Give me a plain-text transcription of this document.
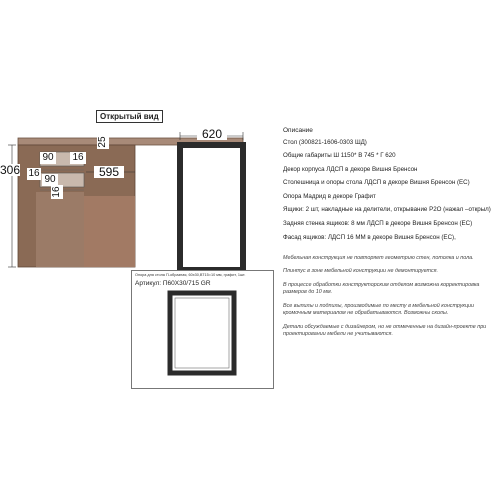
Открытый вид
306
620
25
90 16
595
16
90
16
Описание
Стол (300821-1606-0303 ШД)
Общие габариты Ш 1150* В 745 * Г 620
Декор корпуса ЛДСП в декоре Вишня Бренсон
Столешница и опоры стола ЛДСП в декоре Вишня Бренсон (ЕС)
Опора Мадрид в декоре Графит
Ящики: 2 шт, накладные на делители, открывание Р2О (нажал –открыл)
Задняя стенка ящиков: 8 мм ЛДСП в декоре Вишня Бренсон (ЕС)
Фасад ящиков: ЛДСП 16 ММ в декоре Вишня Бренсон (ЕС),
Мебельная конструкция не повторяет геометрию стен, потолка и пола.
Плинтус в зоне мебельной конструкции не демонтируется.
В процессе обработки конструкторским отделом возможна корректировка размеров до 10 мм.
Все выпилы и подпилы, производимые по месту в мебельной конструкции кромочным материалом не обрабатываются. Возможны сколы.
Детали обсуждаемые с дизайнером, но не отмеченные на дизайн-проекте при проектировании мебели не учитываются.
Опора для стола П-образная, 60х30,ВТ15=10 мм, графит, 1шт.
Артикул: П60Х30/715 GR
